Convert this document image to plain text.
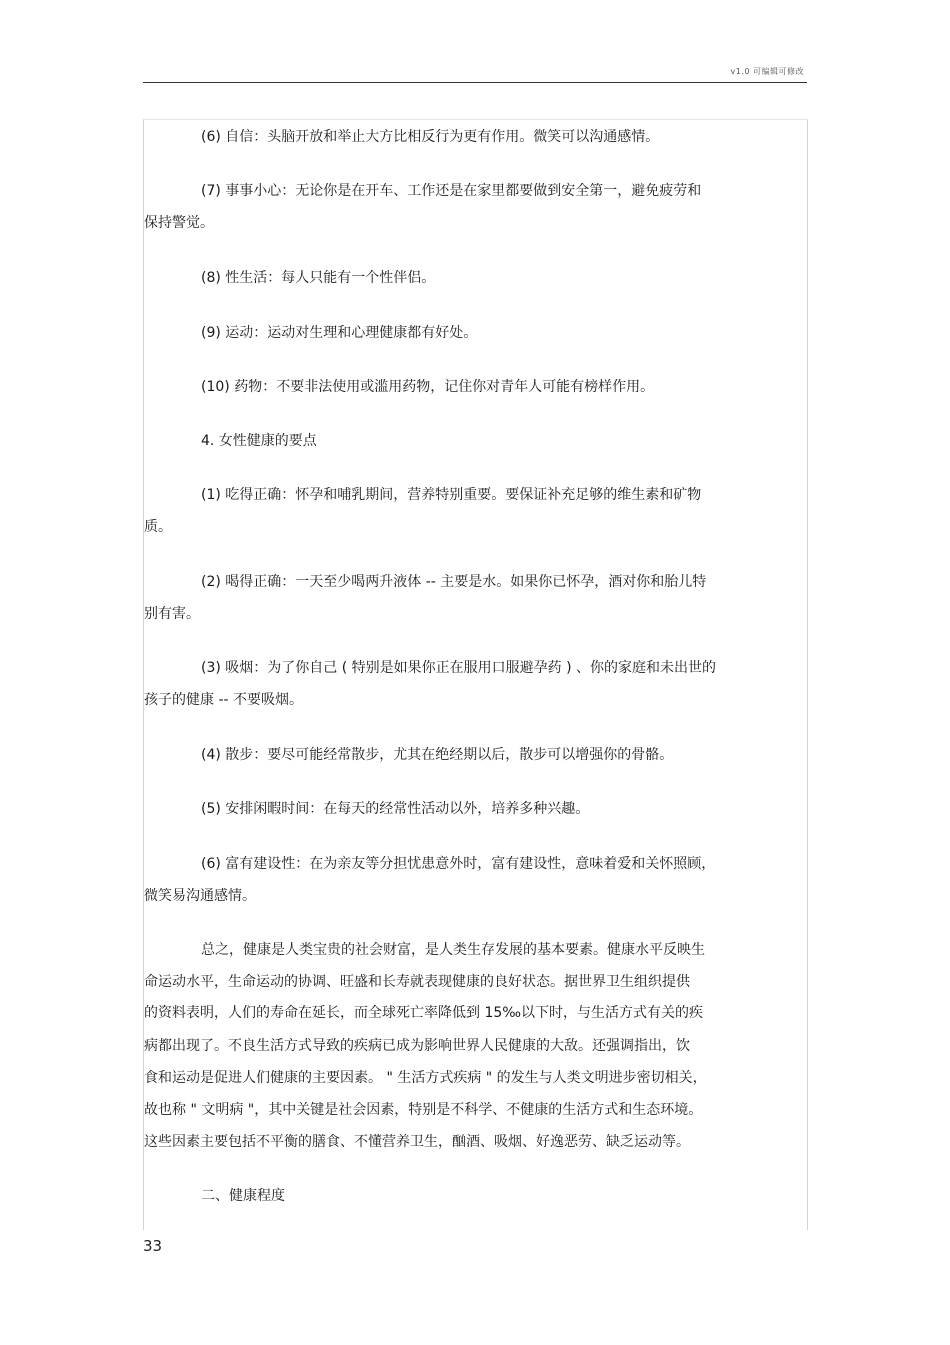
v1.0 可编辑可修改
(6) 自信：头脑开放和举止大方比相反行为更有作用。微笑可以沟通感情。
(7) 事事小心：无论你是在开车、工作还是在家里都要做到安全第一，避免疲劳和
保持警觉。
(8) 性生活：每人只能有一个性伴侣。
(9) 运动：运动对生理和心理健康都有好处。
(10) 药物：不要非法使用或滥用药物，记住你对青年人可能有榜样作用。
4. 女性健康的要点
(1) 吃得正确：怀孕和哺乳期间，营养特别重要。要保证补充足够的维生素和矿物
质。
(2) 喝得正确：一天至少喝两升液体 -- 主要是水。如果你已怀孕，酒对你和胎儿特
别有害。
(3) 吸烟：为了你自己 ( 特别是如果你正在服用口服避孕药 ) 、你的家庭和未出世的
孩子的健康 -- 不要吸烟。
(4) 散步：要尽可能经常散步，尤其在绝经期以后，散步可以增强你的骨骼。
(5) 安排闲暇时间：在每天的经常性活动以外，培养多种兴趣。
(6) 富有建设性：在为亲友等分担忧患意外时，富有建设性，意味着爱和关怀照顾，
微笑易沟通感情。
总之，健康是人类宝贵的社会财富，是人类生存发展的基本要素。健康水平反映生
命运动水平，生命运动的协调、旺盛和长寿就表现健康的良好状态。据世界卫生组织提供
的资料表明，人们的寿命在延长，而全球死亡率降低到 15‰以下时，与生活方式有关的疾
病都出现了。不良生活方式导致的疾病已成为影响世界人民健康的大敌。还强调指出，饮
食和运动是促进人们健康的主要因素。 " 生活方式疾病 " 的发生与人类文明进步密切相关，
故也称 " 文明病 "，其中关键是社会因素，特别是不科学、不健康的生活方式和生态环境。
这些因素主要包括不平衡的膳食、不懂营养卫生，酗酒、吸烟、好逸恶劳、缺乏运动等。
二、健康程度
33
